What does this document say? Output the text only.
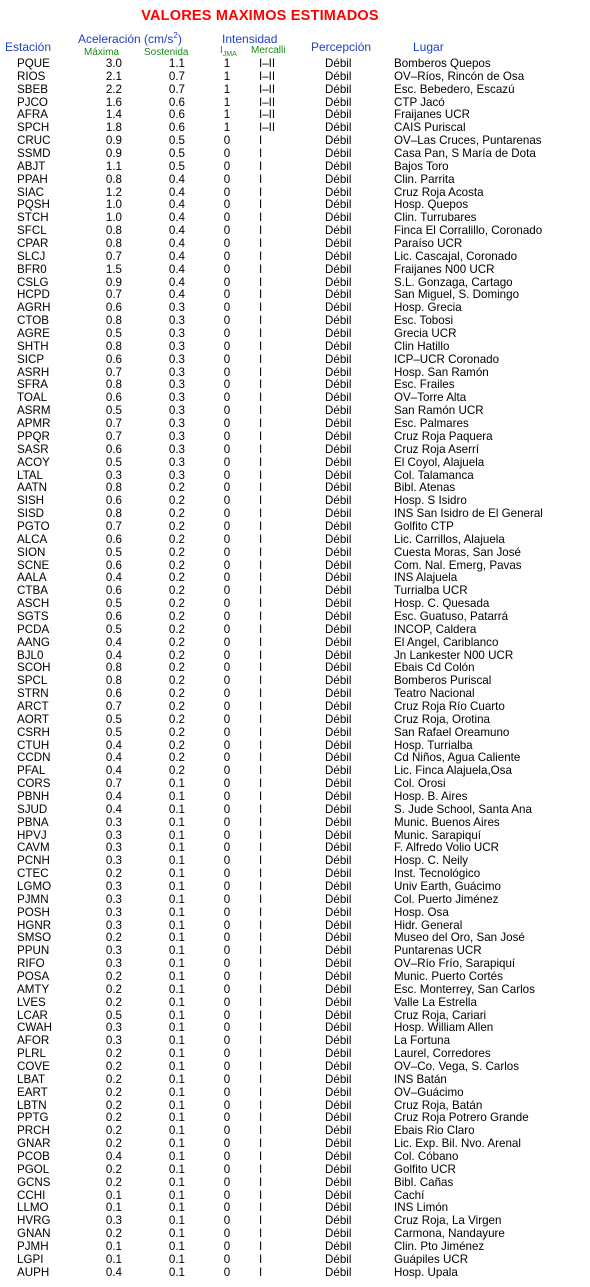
VALORES MAXIMOS ESTIMADOS
Estación
Aceleración $(cm/s^2)$
Máxima Sostenida
Intensidad
$I_{JMA}$ Mercalli Percepción	Lugar
PQUE	3.0	1.1	1 I–II	Débil	Bomberos Quepos
RIOS	2.1	0.7	1 I–II	Débil	OV–Ríos, Rincón de Osa
SBEB	2.2	0.7	1 I–II	Débil	Esc. Bebedero, Escazú
PJCO	1.6	0.6	1 I–II	Débil	CTP Jacó
AFRA	1.4	0.6	1 I–II	Débil	Fraijanes UCR
SPCH	1.8	0.6	1 I–II	Débil	CAIS Puriscal
CRUC	0.9	0.5	0 I	Débil	OV–Las Cruces, Puntarenas
SSMD	0.9	0.5	0 I	Débil	Casa Pan, S María de Dota
ABJT	1.1	0.5	0 I	Débil	Bajos Toro
PPAH	0.8	0.4	0 I	Débil	Clin. Parrita
SIAC	1.2	0.4	0 I	Débil	Cruz Roja Acosta
PQSH	1.0	0.4	0 I	Débil	Hosp. Quepos
STCH	1.0	0.4	0 I	Débil	Clin. Turrubares
SFCL	0.8	0.4	0 I	Débil	Finca El Corralillo, Coronado
CPAR	0.8	0.4	0 I	Débil	Paraíso UCR
SLCJ	0.7	0.4	0 I	Débil	Lic. Cascajal, Coronado
BFR0	1.5	0.4	0 I	Débil	Fraijanes N00 UCR
CSLG	0.9	0.4	0 I	Débil	S.L. Gonzaga, Cartago
HCPD	0.7	0.4	0 I	Débil	San Miguel, S. Domingo
AGRH	0.6	0.3	0 I	Débil	Hosp. Grecia
CTOB	0.8	0.3	0 I	Débil	Esc. Tobosi
AGRE	0.5	0.3	0 I	Débil	Grecia UCR
SHTH	0.8	0.3	0 I	Débil	Clin Hatillo
SICP	0.6	0.3	0 I	Débil	ICP–UCR Coronado
ASRH	0.7	0.3	0 I	Débil	Hosp. San Ramón
SFRA	0.8	0.3	0 I	Débil	Esc. Frailes
TOAL	0.6	0.3	0 I	Débil	OV–Torre Alta
ASRM	0.5	0.3	0 I	Débil	San Ramón UCR
APMR	0.7	0.3	0 I	Débil	Esc. Palmares
PPQR	0.7	0.3	0 I	Débil	Cruz Roja Paquera
SASR	0.6	0.3	0 I	Débil	Cruz Roja Aserrí
ACOY	0.5	0.3	0 I	Débil	El Coyol, Alajuela
LTAL	0.3	0.3	0 I	Débil	Col. Talamanca
AATN	0.8	0.2	0 I	Débil	Bibl. Atenas
SISH	0.6	0.2	0 I	Débil	Hosp. S Isidro
SISD	0.8	0.2	0 I	Débil	INS San Isidro de El General
PGTO	0.7	0.2	0 I	Débil	Golfito CTP
ALCA	0.6	0.2	0 I	Débil	Lic. Carrillos, Alajuela
SION	0.5	0.2	0 I	Débil	Cuesta Moras, San José
SCNE	0.6	0.2	0 I	Débil	Com. Nal. Emerg, Pavas
AALA	0.4	0.2	0 I	Débil	INS Alajuela
CTBA	0.6	0.2	0 I	Débil	Turrialba UCR
ASCH	0.5	0.2	0 I	Débil	Hosp. C. Quesada
SGTS	0.6	0.2	0 I	Débil	Esc. Guatuso, Patarrá
PCDA	0.5	0.2	0 I	Débil	INCOP, Caldera
AANG	0.4	0.2	0 I	Débil	El Angel, Cariblanco
BJL0	0.4	0.2	0 I	Débil	Jn Lankester N00 UCR
SCOH	0.8	0.2	0 I	Débil	Ebais Cd Colón
SPCL	0.8	0.2	0 I	Débil	Bomberos Puriscal
STRN	0.6	0.2	0 I	Débil	Teatro Nacional
ARCT	0.7	0.2	0 I	Débil	Cruz Roja Río Cuarto
AORT	0.5	0.2	0 I	Débil	Cruz Roja, Orotina
CSRH	0.5	0.2	0 I	Débil	San Rafael Oreamuno
CTUH	0.4	0.2	0 I	Débil	Hosp. Turrialba
CCDN	0.4	0.2	0 I	Débil	Cd Niños, Agua Caliente
PFAL	0.4	0.2	0 I	Débil	Lic. Finca Alajuela,Osa
CORS	0.7	0.1	0 I	Débil	Col. Orosi
PBNH	0.4	0.1	0 I	Débil	Hosp. B. Aires
SJUD	0.4	0.1	0 I	Débil	S. Jude School, Santa Ana
PBNA	0.3	0.1	0 I	Débil	Munic. Buenos Aires
HPVJ	0.3	0.1	0 I	Débil	Munic. Sarapiquí
CAVM	0.3	0.1	0 I	Débil	F. Alfredo Volio UCR
PCNH	0.3	0.1	0 I	Débil	Hosp. C. Neily
CTEC	0.2	0.1	0 I	Débil	Inst. Tecnológico
LGMO	0.3	0.1	0 I	Débil	Univ Earth, Guácimo
PJMN	0.3	0.1	0 I	Débil	Col. Puerto Jiménez
POSH	0.3	0.1	0 I	Débil	Hosp. Osa
HGNR	0.3	0.1	0 I	Débil	Hidr. General
SMSO	0.2	0.1	0 I	Débil	Museo del Oro, San José
PPUN	0.3	0.1	0 I	Débil	Puntarenas UCR
RIFO	0.3	0.1	0 I	Débil	OV–Río Frío, Sarapiquí
POSA	0.2	0.1	0 I	Débil	Munic. Puerto Cortés
AMTY	0.2	0.1	0 I	Débil	Esc. Monterrey, San Carlos
LVES	0.2	0.1	0 I	Débil	Valle La Estrella
LCAR	0.5	0.1	0 I	Débil	Cruz Roja, Cariari
CWAH	0.3	0.1	0 I	Débil	Hosp. William Allen
AFOR	0.3	0.1	0 I	Débil	La Fortuna
PLRL	0.2	0.1	0 I	Débil	Laurel, Corredores
COVE	0.2	0.1	0 I	Débil	OV–Co. Vega, S. Carlos
LBAT	0.2	0.1	0 I	Débil	INS Batán
EART	0.2	0.1	0 I	Débil	OV–Guácimo
LBTN	0.2	0.1	0 I	Débil	Cruz Roja, Batán
PPTG	0.2	0.1	0 I	Débil	Cruz Roja Potrero Grande
PRCH	0.2	0.1	0 I	Débil	Ebais Rio Claro
GNAR	0.2	0.1	0 I	Débil	Lic. Exp. Bil. Nvo. Arenal
PCOB	0.4	0.1	0 I	Débil	Col. Cóbano
PGOL	0.2	0.1	0 I	Débil	Golfito UCR
GCNS	0.2	0.1	0 I	Débil	Bibl. Cañas
CCHI	0.1	0.1	0 I	Débil	Cachí
LLMO	0.1	0.1	0 I	Débil	INS Limón
HVRG	0.3	0.1	0 I	Débil	Cruz Roja, La Virgen
GNAN	0.2	0.1	0 I	Débil	Carmona, Nandayure
PJMH	0.1	0.1	0 I	Débil	Clin. Pto Jiménez
LGPI	0.1	0.1	0 I	Débil	Guápiles UCR
AUPH	0.4	0.1	0 I	Débil	Hosp. Upala
